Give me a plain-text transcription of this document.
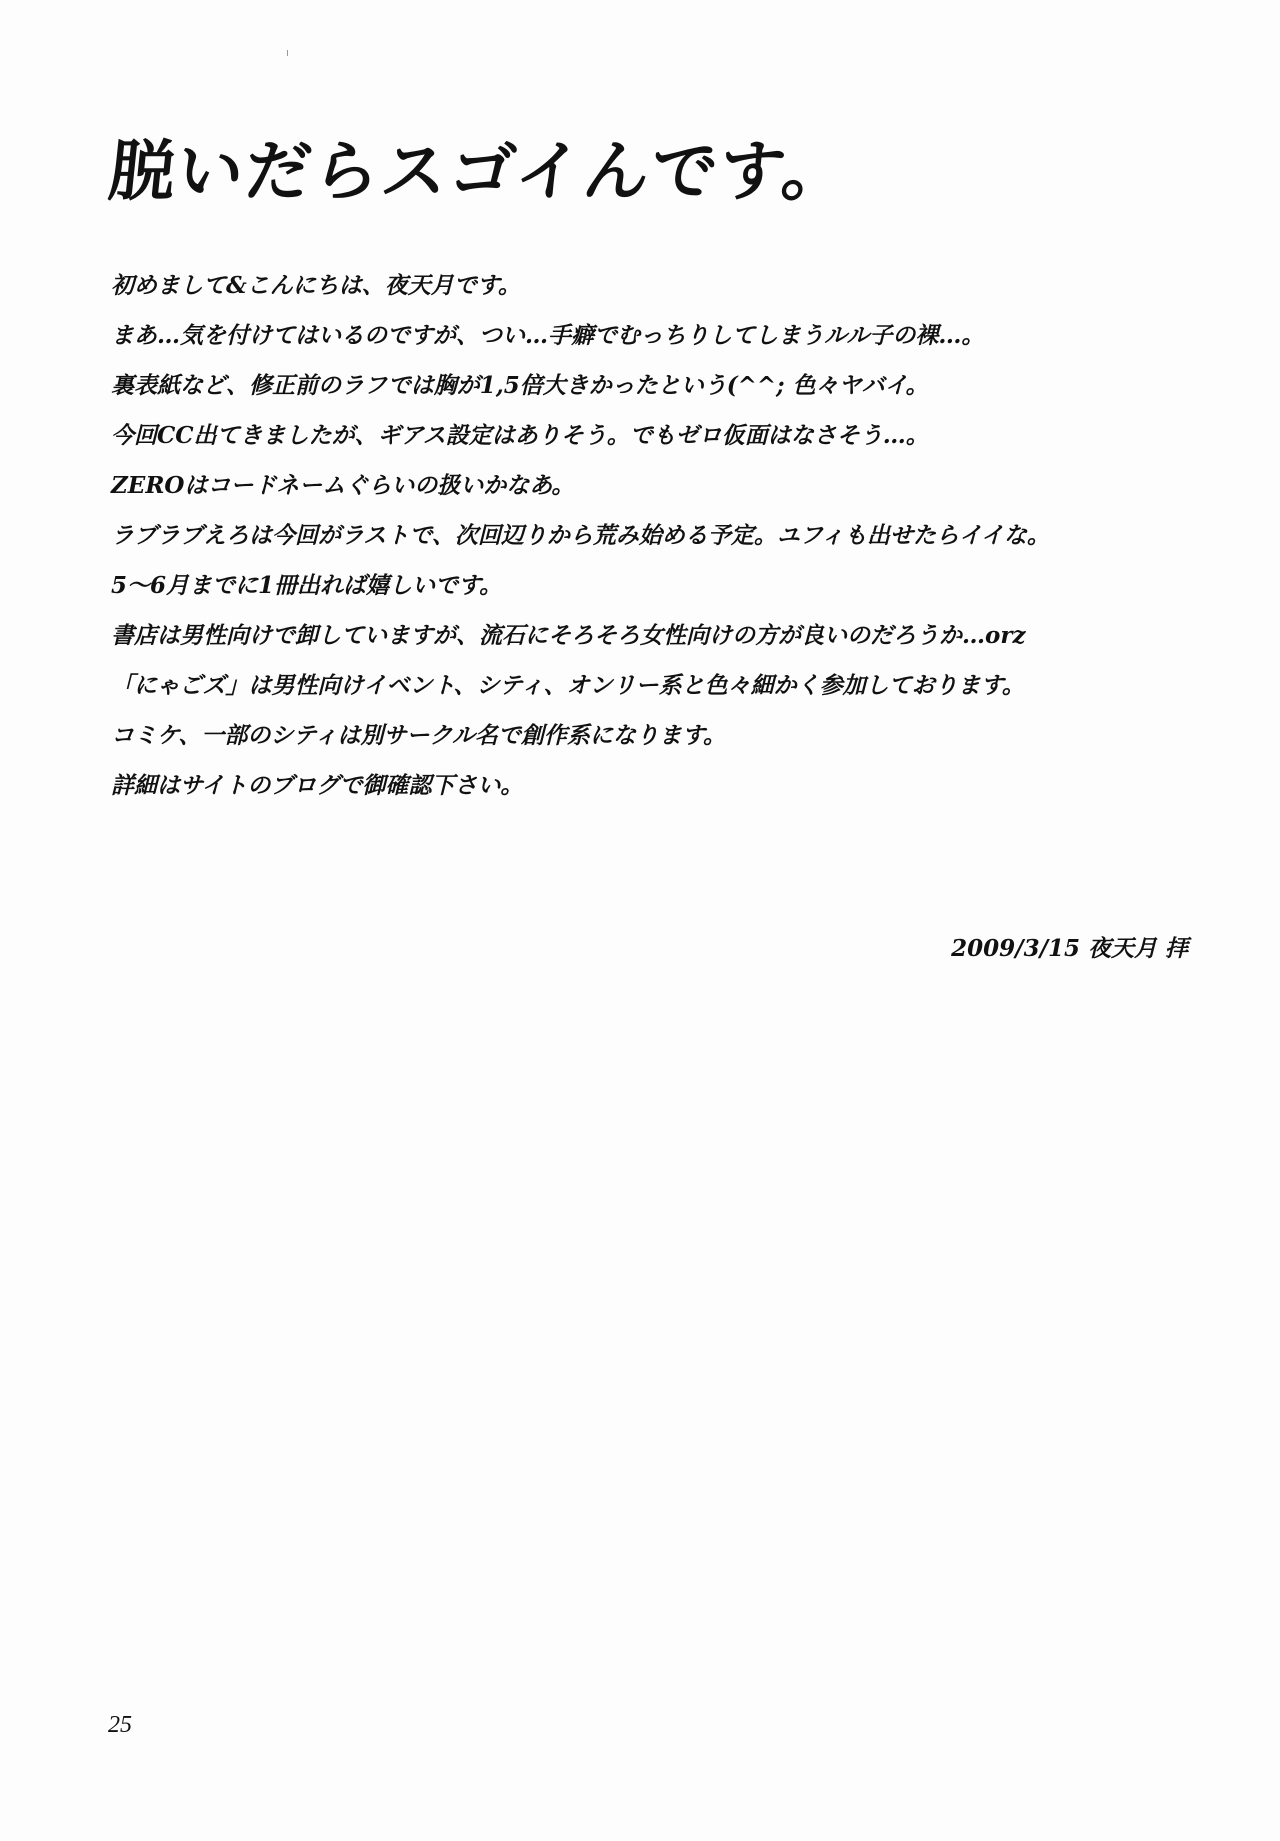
脱いだらスゴイんです。
初めまして&こんにちは、夜天月です。
まあ…気を付けてはいるのですが、つい…手癖でむっちりしてしまうルル子の裸…。
裏表紙など、修正前のラフでは胸が1,5倍大きかったという(^^; 色々ヤバイ。
今回CC出てきましたが、ギアス設定はありそう。でもゼロ仮面はなさそう…。
ZEROはコードネームぐらいの扱いかなあ。
ラブラブえろは今回がラストで、次回辺りから荒み始める予定。ユフィも出せたらイイな。
5〜6月までに1冊出れば嬉しいです。
書店は男性向けで卸していますが、流石にそろそろ女性向けの方が良いのだろうか…orz
「にゃごズ」は男性向けイベント、シティ、オンリー系と色々細かく参加しております。
コミケ、一部のシティは別サークル名で創作系になります。
詳細はサイトのブログで御確認下さい。
2009/3/15 夜天月 拝
25
